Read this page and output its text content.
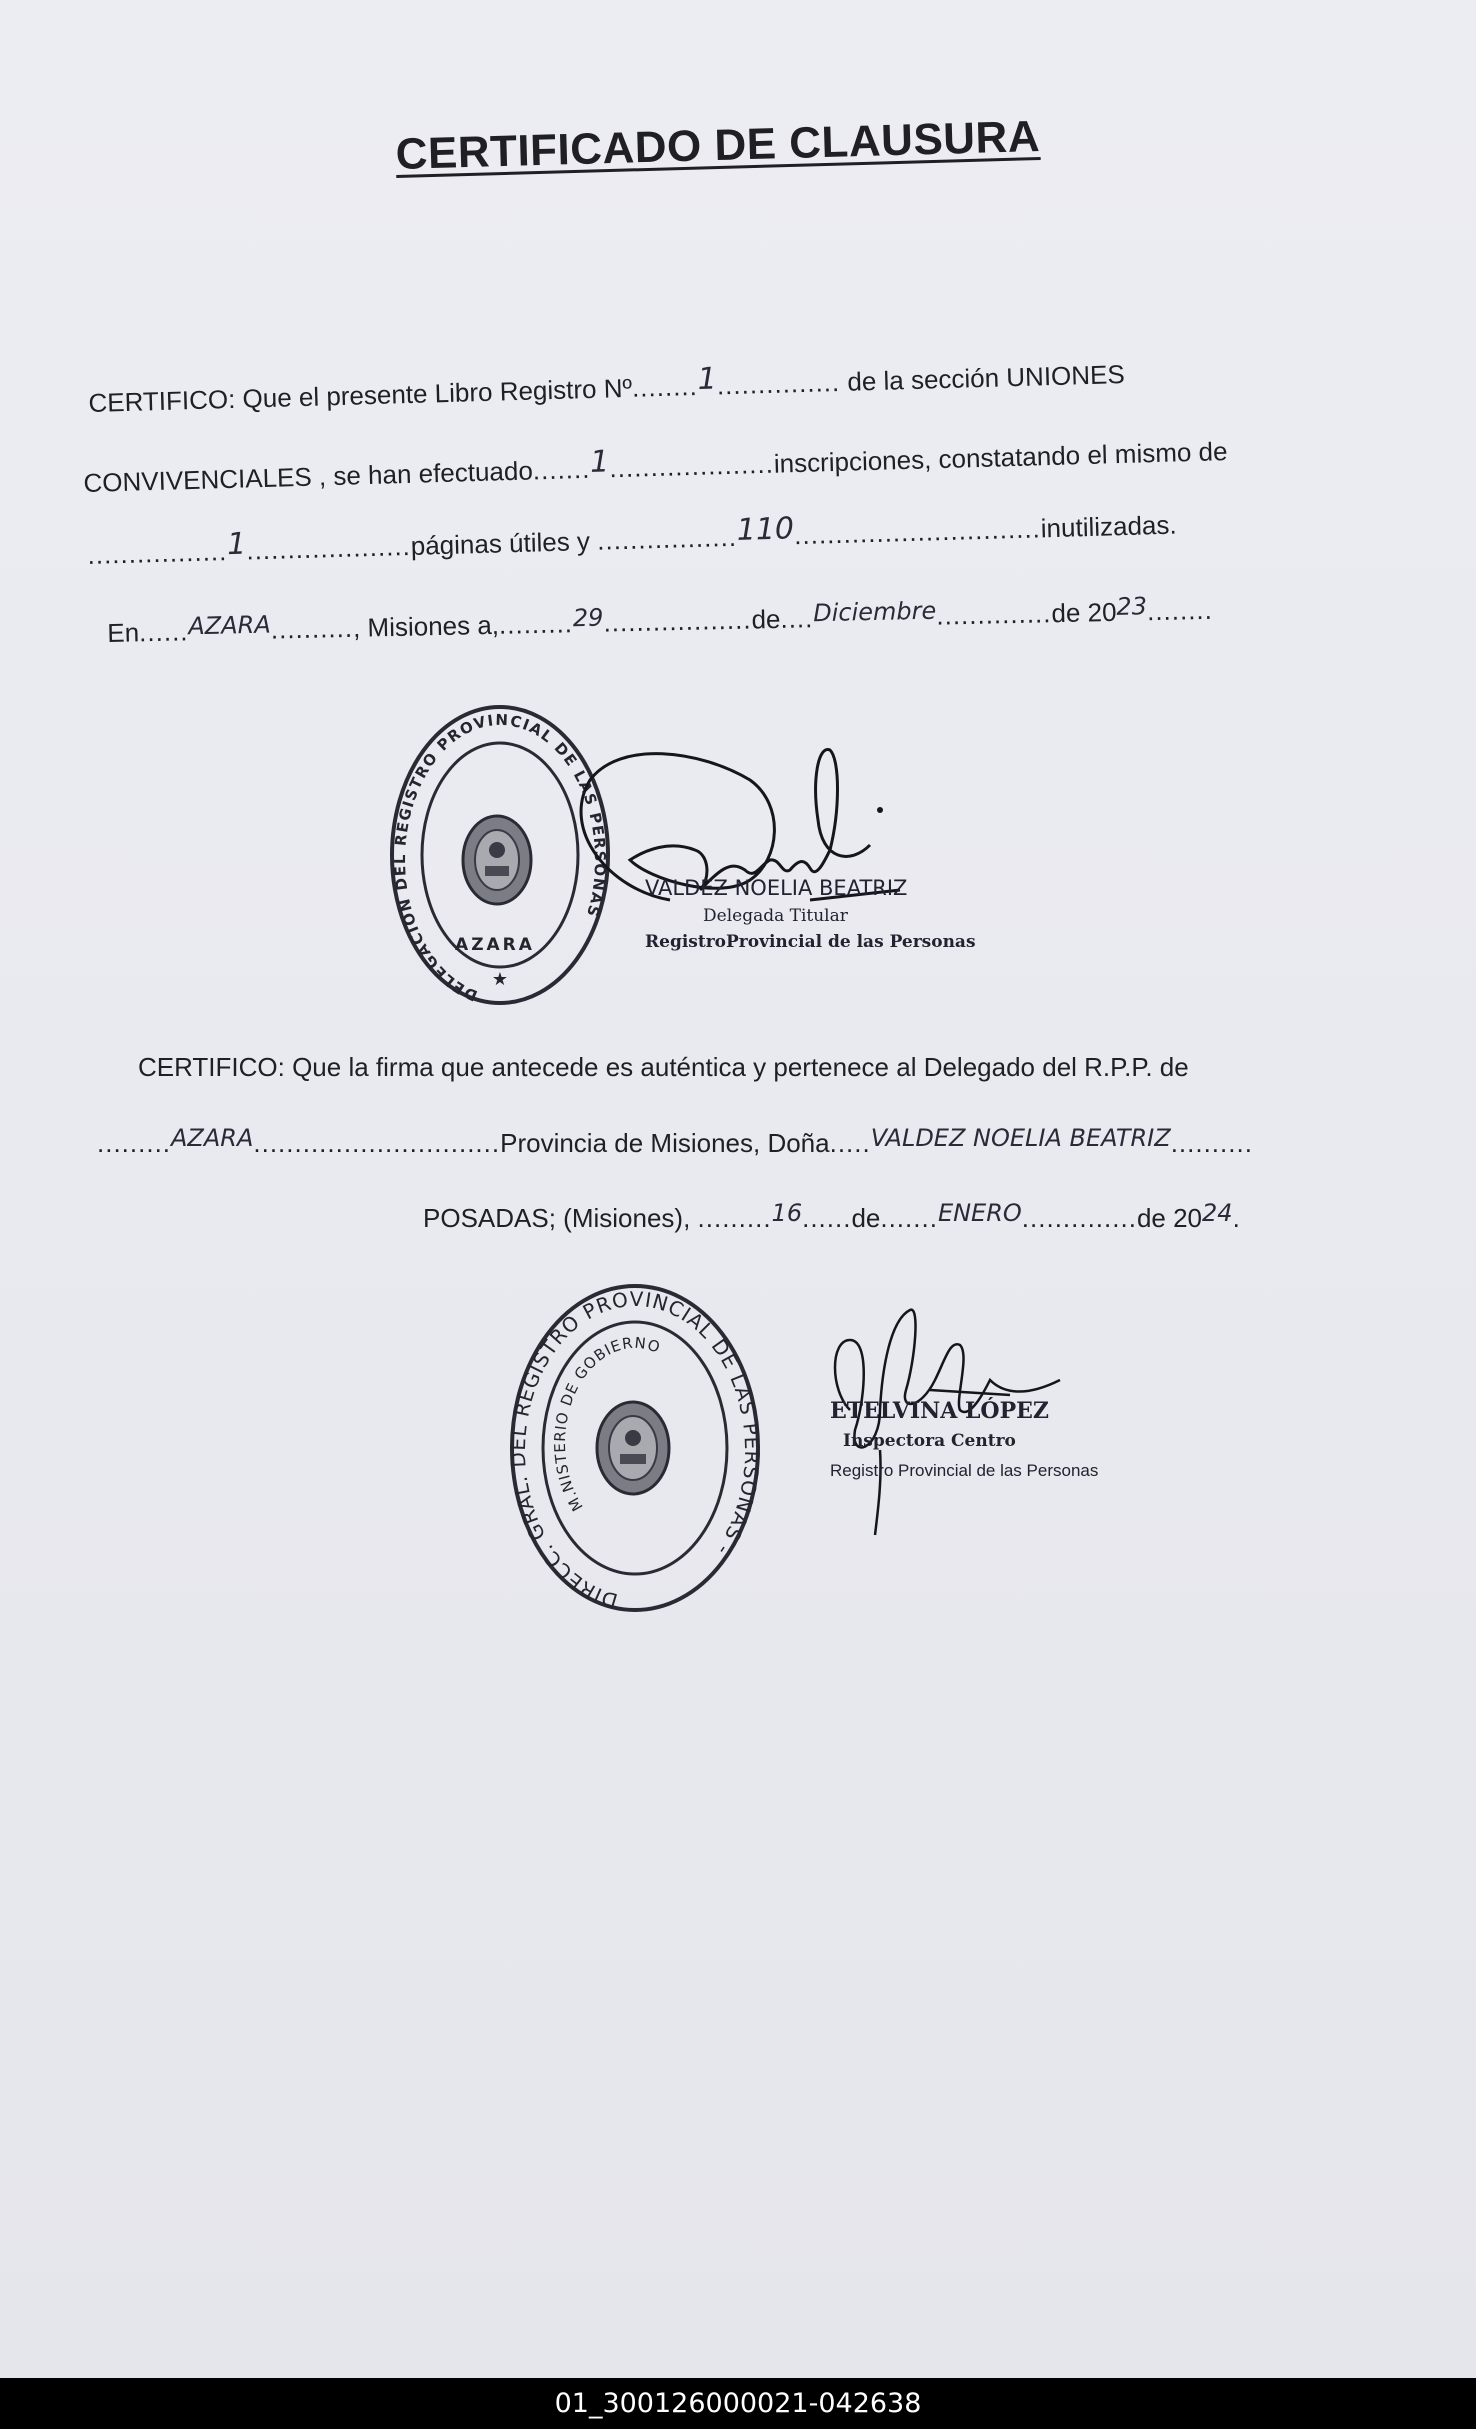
CERTIFICADO DE CLAUSURA
CERTIFICO: Que el presente Libro Registro Nº........1............... de la sección UNIONES
CONVIVENCIALES , se han efectuado.......1....................inscripciones, constatando el mismo de
.................1....................páginas útiles y .................110..............................inutilizadas.
En......AZARA.........., Misiones a,.........29..................de....Diciembre..............de 2023........
DELEGACION DEL REGISTRO PROVINCIAL DE LAS PERSONAS
AZARA
★
VALDEZ NOELIA BEATRIZ
Delegada Titular
RegistroProvincial de las Personas
CERTIFICO: Que la firma que antecede es auténtica y pertenece al Delegado del R.P.P. de
.........AZARA..............................Provincia de Misiones, Doña.....VALDEZ NOELIA BEATRIZ..........
POSADAS; (Misiones), .........16......de.......ENERO..............de 2024.
DIRECC. GRAL. DEL REGISTRO PROVINCIAL DE LAS PERSONAS -
M.NISTERIO DE GOBIERNO
ETELVINA LÓPEZ
Inspectora Centro
Registro Provincial de las Personas
01_300126000021-042638
